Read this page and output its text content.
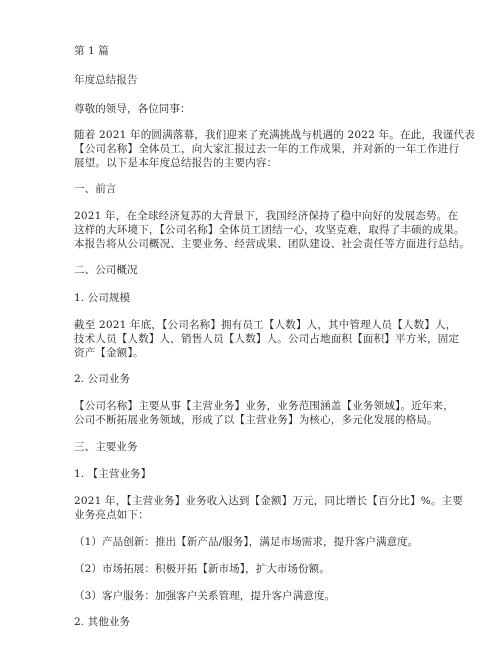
第 1 篇
年度总结报告
尊敬的领导，各位同事：
随着 2021 年的圆满落幕，我们迎来了充满挑战与机遇的 2022 年。在此，我谨代表
【公司名称】全体员工，向大家汇报过去一年的工作成果，并对新的一年工作进行
展望。以下是本年度总结报告的主要内容：
一、前言
2021 年，在全球经济复苏的大背景下，我国经济保持了稳中向好的发展态势。在
这样的大环境下，【公司名称】全体员工团结一心，攻坚克难，取得了丰硕的成果。
本报告将从公司概况、主要业务、经营成果、团队建设、社会责任等方面进行总结。
二、公司概况
1. 公司规模
截至 2021 年底，【公司名称】拥有员工【人数】人，其中管理人员【人数】人，
技术人员【人数】人，销售人员【人数】人。公司占地面积【面积】平方米，固定
资产【金额】。
2. 公司业务
【公司名称】主要从事【主营业务】业务，业务范围涵盖【业务领域】。近年来，
公司不断拓展业务领域，形成了以【主营业务】为核心，多元化发展的格局。
三、主要业务
1. 【主营业务】
2021 年，【主营业务】业务收入达到【金额】万元，同比增长【百分比】%。主要
业务亮点如下：
（1）产品创新：推出【新产品/服务】，满足市场需求，提升客户满意度。
（2）市场拓展：积极开拓【新市场】，扩大市场份额。
（3）客户服务：加强客户关系管理，提升客户满意度。
2. 其他业务
